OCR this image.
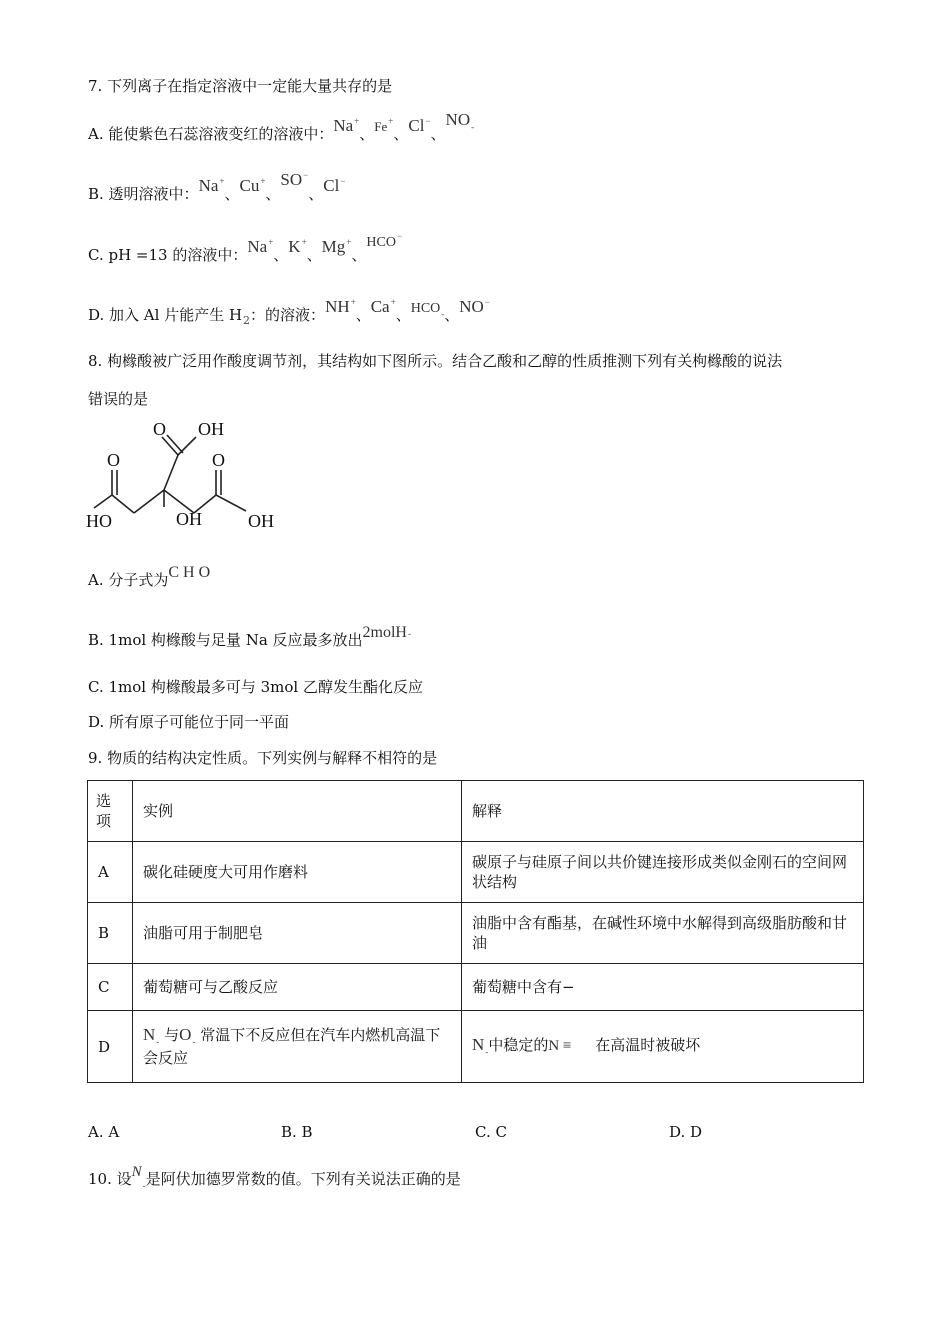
7. 下列离子在指定溶液中一定能大量共存的是
A. 能使紫色石蕊溶液变红的溶液中：Na+、Fe+、Cl−、$NO_-$
B. 透明溶液中：Na+、Cu+、SO−、Cl−
C. pH =13 的溶液中：Na+、K+、Mg+、HCO−
D. 加入 Al 片能产生 $H_2$：的溶液：NH+、Ca+、$HCO_-$、NO−
8. 枸橼酸被广泛用作酸度调节剂，其结构如下图所示。结合乙酸和乙醇的性质推测下列有关枸橼酸的说法
错误的是
O OH
O	O
HO	OH	OH
A. 分子式为C H O
B. 1mol 枸橼酸与足量 Na 反应最多放出2molH-
C. 1mol 枸橼酸最多可与 3mol 乙醇发生酯化反应
D. 所有原子可能位于同一平面
9. 物质的结构决定性质。下列实例与解释不相符的是
选项	实例	解释
A	碳化硅硬度大可用作磨料	碳原子与硅原子间以共价键连接形成类似金刚石的空间网状结构
B	油脂可用于制肥皂	油脂中含有酯基，在碱性环境中水解得到高级脂肪酸和甘油
C	葡萄糖可与乙酸反应	葡萄糖中含有−
D	$N_-$ 与$O_-$ 常温下不反应但在汽车内燃机高温下会反应	$N_-$中稳定的N ≡ 在高温时被破坏
A. A	B. B	C. C	D. D
10. 设$N_-$是阿伏加德罗常数的值。下列有关说法正确的是
